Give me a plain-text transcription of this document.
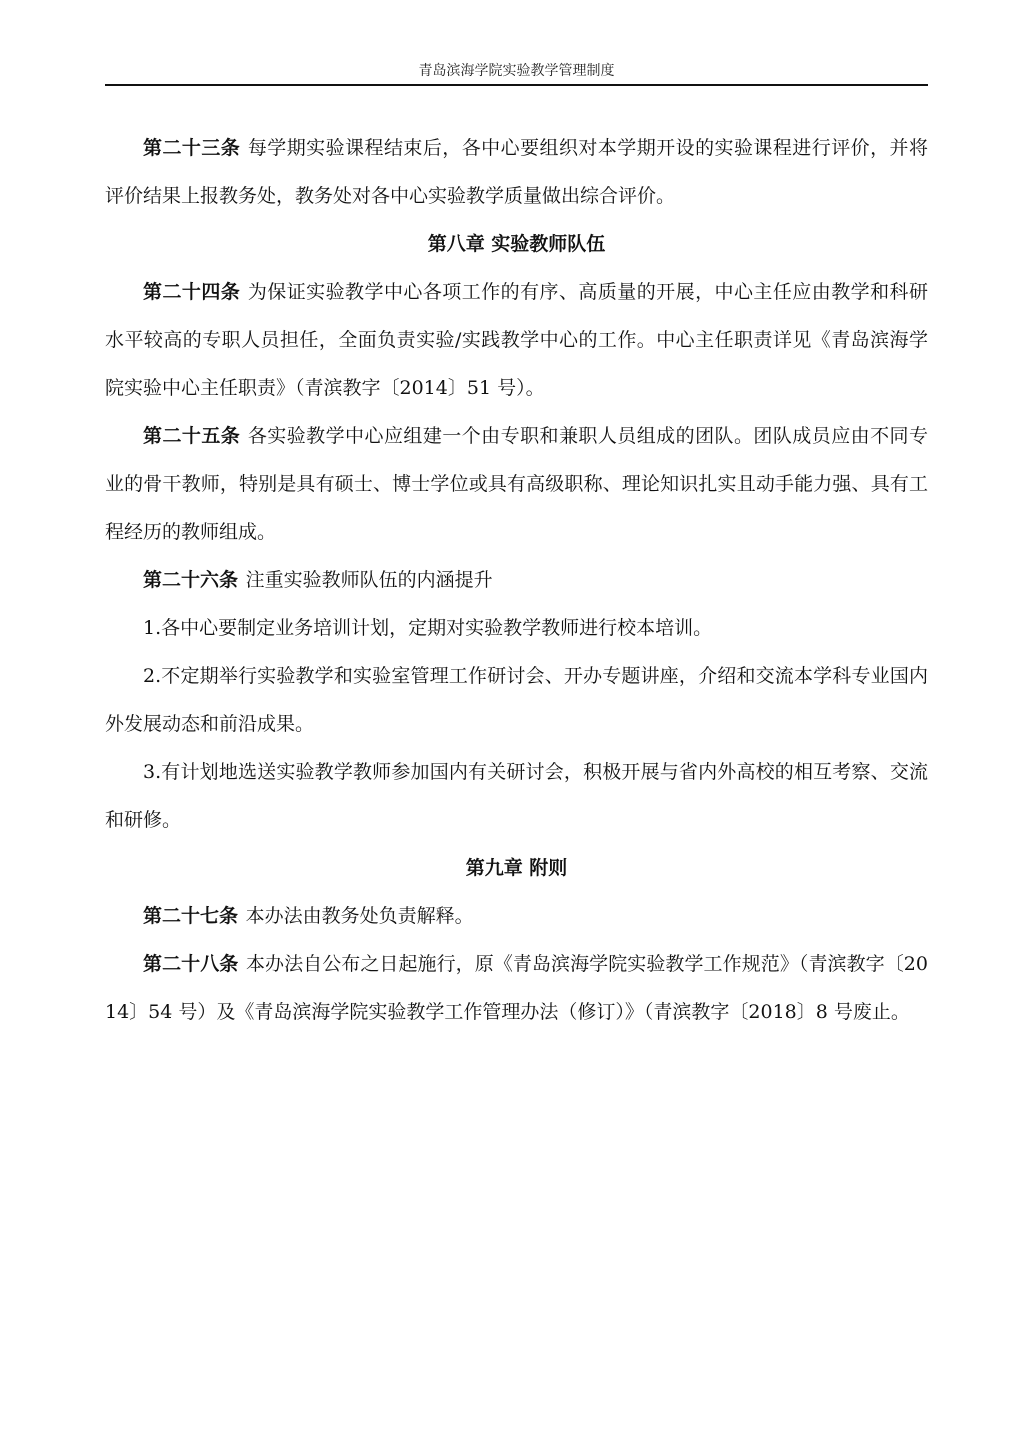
青岛滨海学院实验教学管理制度

第二十三条 每学期实验课程结束后，各中心要组织对本学期开设的实验课程进行评价，并将评价结果上报教务处，教务处对各中心实验教学质量做出综合评价。

第八章 实验教师队伍

第二十四条 为保证实验教学中心各项工作的有序、高质量的开展，中心主任应由教学和科研水平较高的专职人员担任，全面负责实验/实践教学中心的工作。中心主任职责详见《青岛滨海学院实验中心主任职责》（青滨教字〔2014〕51 号）。

第二十五条 各实验教学中心应组建一个由专职和兼职人员组成的团队。团队成员应由不同专业的骨干教师，特别是具有硕士、博士学位或具有高级职称、理论知识扎实且动手能力强、具有工程经历的教师组成。

第二十六条 注重实验教师队伍的内涵提升

1.各中心要制定业务培训计划，定期对实验教学教师进行校本培训。

2.不定期举行实验教学和实验室管理工作研讨会、开办专题讲座，介绍和交流本学科专业国内外发展动态和前沿成果。

3.有计划地选送实验教学教师参加国内有关研讨会，积极开展与省内外高校的相互考察、交流和研修。

第九章 附则

第二十七条 本办法由教务处负责解释。

第二十八条 本办法自公布之日起施行，原《青岛滨海学院实验教学工作规范》（青滨教字〔2014〕54 号）及《青岛滨海学院实验教学工作管理办法（修订）》（青滨教字〔2018〕8 号废止。
